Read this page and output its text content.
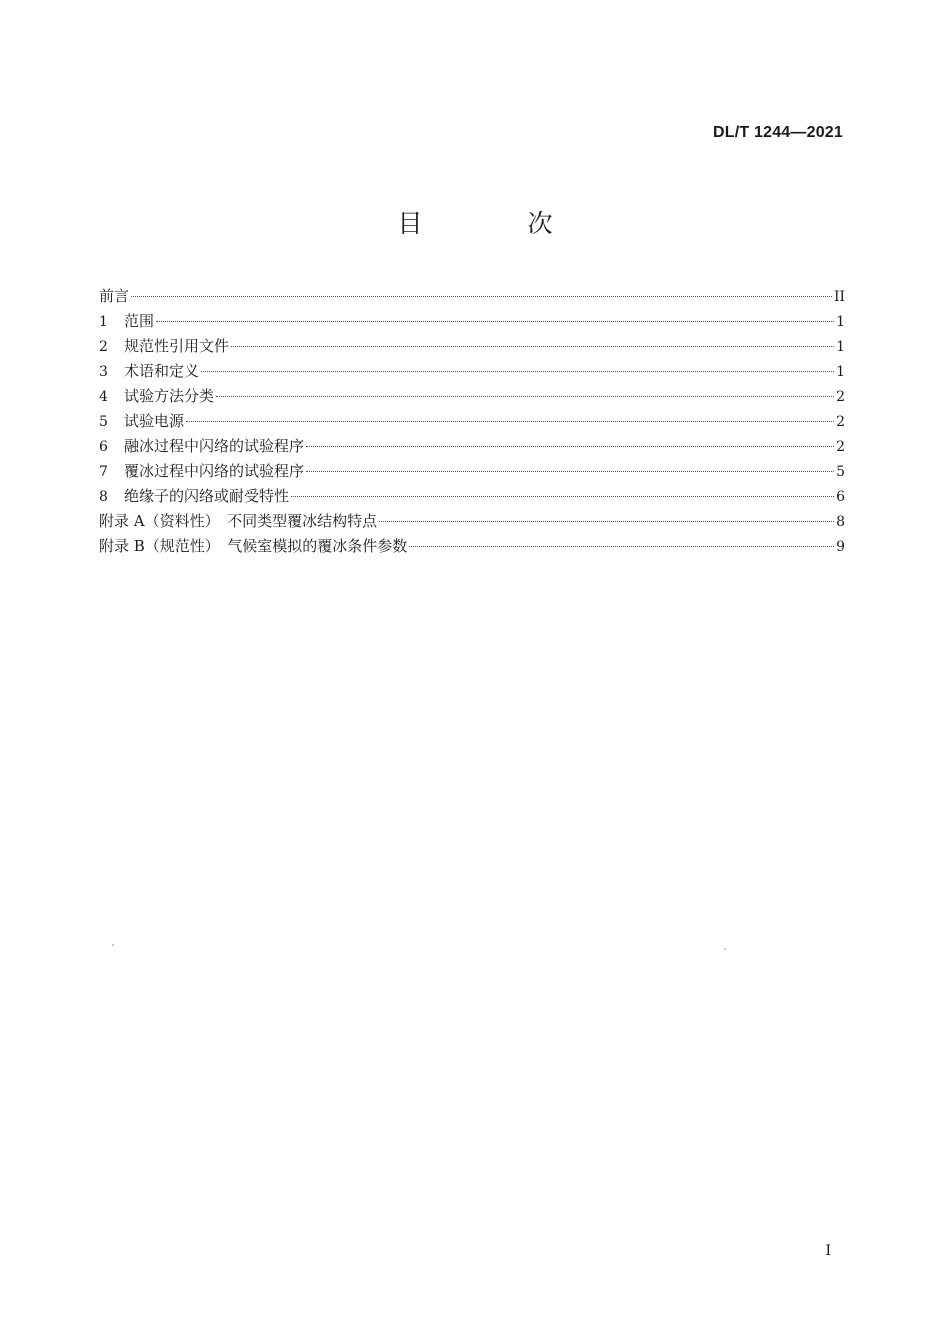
DL/T 1244—2021
目　次
前言	II
1	范围	1
2	规范性引用文件	1
3	术语和定义	1
4	试验方法分类	2
5	试验电源	2
6	融冰过程中闪络的试验程序	2
7	覆冰过程中闪络的试验程序	5
8	绝缘子的闪络或耐受特性	6
附录 A（资料性）　不同类型覆冰结构特点	8
附录 B（规范性）　气候室模拟的覆冰条件参数	9
I
